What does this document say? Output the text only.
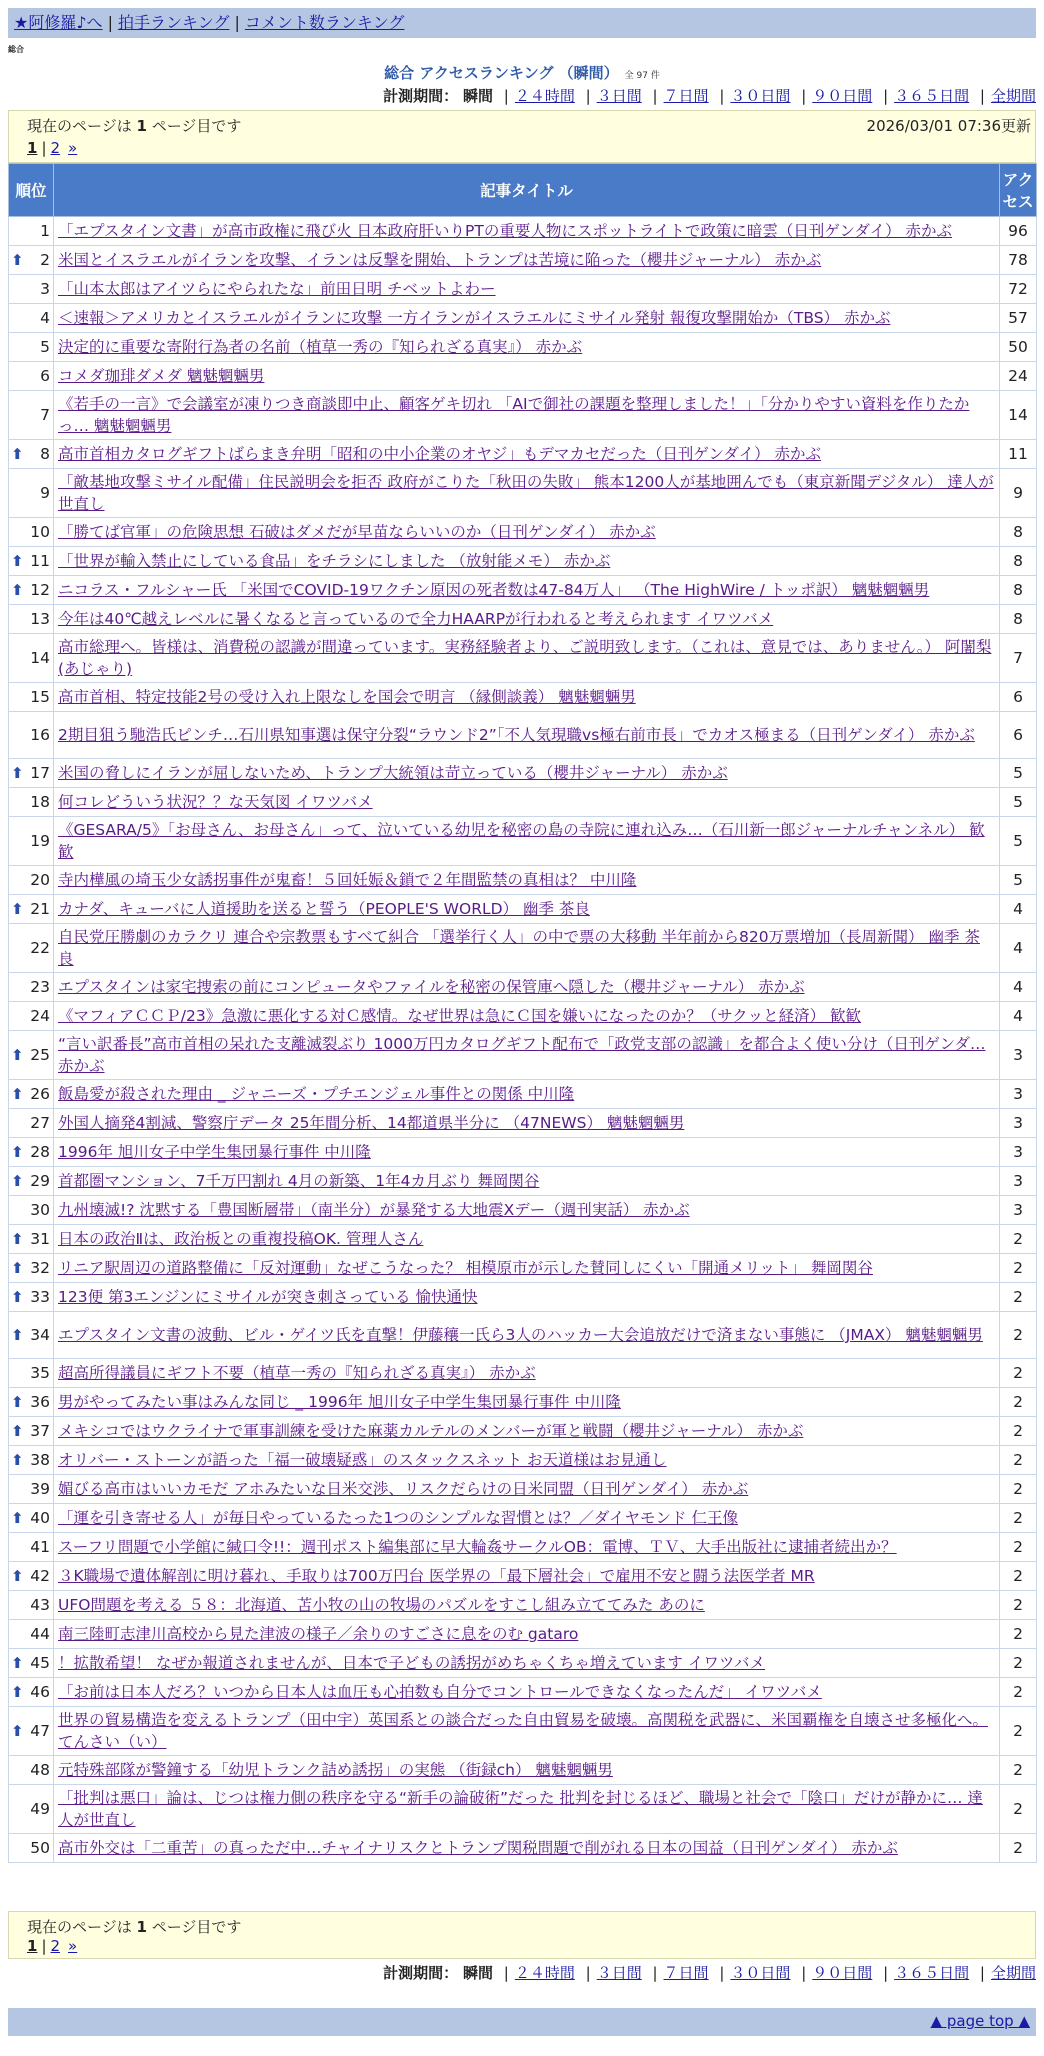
★阿修羅♪へ | 拍手ランキング | コメント数ランキング
総合
総合 アクセスランキング （瞬間） 全 97 件
計測期間： 瞬間 | ２４時間 | ３日間 | ７日間 | ３０日間 | ９０日間 | ３６５日間 | 全期間
現在のページは 1 ページ目です	2026/03/01 07:36更新
1 | 2 »
順位	記事タイトル	アクセス
1	「エプスタイン文書」が高市政権に飛び火 日本政府肝いりPTの重要人物にスポットライトで政策に暗雲（日刊ゲンダイ） 赤かぶ	96

⬆ 2	米国とイスラエルがイランを攻撃、イランは反撃を開始、トランプは苦境に陥った（櫻井ジャーナル） 赤かぶ	78
3	「山本太郎はアイツらにやられたな」前田日明 チベットよわー	72
4	＜速報＞アメリカとイスラエルがイランに攻撃 一方イランがイスラエルにミサイル発射 報復攻撃開始か（TBS） 赤かぶ	57
5	決定的に重要な寄附行為者の名前（植草一秀の『知られざる真実』） 赤かぶ	50
6	コメダ珈琲ダメダ 魑魅魍魎男	24
7	《若手の一言》で会議室が凍りつき商談即中止、顧客ゲキ切れ 「AIで御社の課題を整理しました！」「分かりやすい資料を作りたかっ… 魑魅魍魎男	14

⬆ 8	高市首相カタログギフトばらまき弁明「昭和の中小企業のオヤジ」もデマカセだった（日刊ゲンダイ） 赤かぶ	11
9	「敵基地攻撃ミサイル配備」住民説明会を拒否 政府がこりた「秋田の失敗」 熊本1200人が基地囲んでも（東京新聞デジタル） 達人が世直し	9
10	「勝てば官軍」の危険思想 石破はダメだが早苗ならいいのか（日刊ゲンダイ） 赤かぶ	8

⬆ 11	「世界が輸入禁止にしている食品」をチラシにしました （放射能メモ） 赤かぶ	8

⬆ 12	ニコラス・フルシャー氏 「米国でCOVID-19ワクチン原因の死者数は47-84万人」 （The HighWire / トッポ訳） 魑魅魍魎男	8
13	今年は40℃越えレベルに暑くなると言っているので全力HAARPが行われると考えられます イワツバメ	8
14	高市総理へ。皆様は、消費税の認識が間違っています。実務経験者より、ご説明致します。（これは、意見では、ありません。） 阿闍梨(あじゃり)	7
15	高市首相、特定技能2号の受け入れ上限なしを国会で明言 （縁側談義） 魑魅魍魎男	6
16	2期目狙う馳浩氏ピンチ…石川県知事選は保守分裂“ラウンド2”「不人気現職vs極右前市長」でカオス極まる（日刊ゲンダイ） 赤かぶ	6

⬆ 17	米国の脅しにイランが屈しないため、トランプ大統領は苛立っている（櫻井ジャーナル） 赤かぶ	5
18	何コレどういう状況？？な天気図 イワツバメ	5
19	《GESARA/5》「お母さん、お母さん」って、泣いている幼児を秘密の島の寺院に連れ込み…（石川新一郎ジャーナルチャンネル） 歓歓	5
20	寺内樺風の埼玉少女誘拐事件が鬼畜！５回妊娠＆鎖で２年間監禁の真相は？ 中川隆	5

⬆ 21	カナダ、キューバに人道援助を送ると誓う（PEOPLE'S WORLD） 幽季 茶良	4
22	自民党圧勝劇のカラクリ 連合や宗教票もすべて糾合 「選挙行く人」の中で票の大移動 半年前から820万票増加（長周新聞） 幽季 茶良	4
23	エプスタインは家宅捜索の前にコンピュータやファイルを秘密の保管庫へ隠した（櫻井ジャーナル） 赤かぶ	4
24	《マフィアＣＣＰ/23》急激に悪化する対Ｃ感情。なぜ世界は急にＣ国を嫌いになったのか？（サクッと経済） 歓歓	4

⬆ 25	“言い訳番長”高市首相の呆れた支離滅裂ぶり 1000万円カタログギフト配布で「政党支部の認識」を都合よく使い分け（日刊ゲンダ… 赤かぶ	3

⬆ 26	飯島愛が殺された理由 _ ジャニーズ・プチエンジェル事件との関係 中川隆	3
27	外国人摘発4割減、警察庁データ 25年間分析、14都道県半分に （47NEWS） 魑魅魍魎男	3

⬆ 28	1996年 旭川女子中学生集団暴行事件 中川隆	3

⬆ 29	首都圏マンション、7千万円割れ 4月の新築、1年4カ月ぶり 舞岡関谷	3
30	九州壊滅!? 沈黙する「豊国断層帯」（南半分）が暴発する大地震Xデー（週刊実話） 赤かぶ	3

⬆ 31	日本の政治Ⅱは、政治板との重複投稿OK. 管理人さん	2

⬆ 32	リニア駅周辺の道路整備に「反対運動」なぜこうなった？ 相模原市が示した賛同しにくい「開通メリット」 舞岡関谷	2

⬆ 33	123便 第3エンジンにミサイルが突き刺さっている 愉快通快	2

⬆ 34	エプスタイン文書の波動、ビル・ゲイツ氏を直撃！伊藤穰一氏ら3人のハッカー大会追放だけで済まない事態に （JMAX） 魑魅魍魎男	2
35	超高所得議員にギフト不要（植草一秀の『知られざる真実』） 赤かぶ	2

⬆ 36	男がやってみたい事はみんな同じ _ 1996年 旭川女子中学生集団暴行事件 中川隆	2

⬆ 37	メキシコではウクライナで軍事訓練を受けた麻薬カルテルのメンバーが軍と戦闘（櫻井ジャーナル） 赤かぶ	2

⬆ 38	オリバー・ストーンが語った「福一破壊疑惑」のスタックスネット お天道様はお見通し	2
39	媚びる高市はいいカモだ アホみたいな日米交渉、リスクだらけの日米同盟（日刊ゲンダイ） 赤かぶ	2

⬆ 40	「運を引き寄せる人」が毎日やっているたった1つのシンプルな習慣とは？／ダイヤモンド 仁王像	2
41	スーフリ問題で小学館に緘口令!!：週刊ポスト編集部に早大輪姦サークルOB：電博、ＴＶ、大手出版社に逮捕者続出か？	2

⬆ 42	３K職場で遺体解剖に明け暮れ、手取りは700万円台 医学界の「最下層社会」で雇用不安と闘う法医学者 MR	2
43	UFO問題を考える ５８：北海道、苫小牧の山の牧場のパズルをすこし組み立ててみた あのに	2
44	南三陸町志津川高校から見た津波の様子／余りのすごさに息をのむ gataro	2

⬆ 45	！拡散希望！ なぜか報道されませんが、日本で子どもの誘拐がめちゃくちゃ増えています イワツバメ	2

⬆ 46	「お前は日本人だろ？いつから日本人は血圧も心拍数も自分でコントロールできなくなったんだ」 イワツバメ	2

⬆ 47	世界の貿易構造を変えるトランプ（田中宇）英国系との談合だった自由貿易を破壊。高関税を武器に、米国覇権を自壊させ多極化へ。 てんさい（い）	2
48	元特殊部隊が警鐘する「幼児トランク詰め誘拐」の実態 （街録ch） 魑魅魍魎男	2
49	「批判は悪口」論は、じつは権力側の秩序を守る“新手の論破術”だった 批判を封じるほど、職場と社会で「陰口」だけが静かに… 達人が世直し	2
50	高市外交は「二重苦」の真っただ中…チャイナリスクとトランプ関税問題で削がれる日本の国益（日刊ゲンダイ） 赤かぶ	2
現在のページは 1 ページ目です
1 | 2 »
計測期間： 瞬間 | ２４時間 | ３日間 | ７日間 | ３０日間 | ９０日間 | ３６５日間 | 全期間
▲ page top ▲
